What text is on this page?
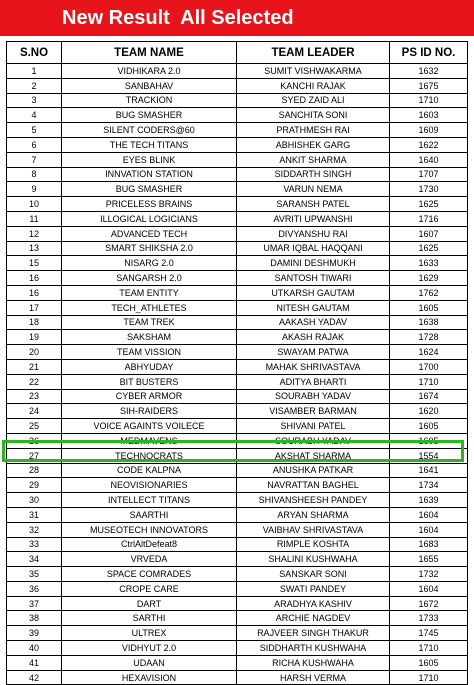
New Result  All Selected
S.NO	TEAM NAME	TEAM LEADER	PS ID NO.
1	VIDHIKARA 2.0	SUMIT VISHWAKARMA	1632
2	SANBAHAV	KANCHI RAJAK	1675
3	TRACKION	SYED ZAID ALI	1710
4	BUG SMASHER	SANCHITA SONI	1603
5	SILENT CODERS@60	PRATHMESH RAI	1609
6	THE TECH TITANS	ABHISHEK GARG	1622
7	EYES BLINK	ANKIT SHARMA	1640
8	INNVATION STATION	SIDDARTH SINGH	1707
9	BUG SMASHER	VARUN NEMA	1730
10	PRICELESS BRAINS	SARANSH PATEL	1625
11	ILLOGICAL LOGICIANS	AVRITI UPWANSHI	1716
12	ADVANCED TECH	DIVYANSHU RAI	1607
13	SMART SHIKSHA 2.0	UMAR IQBAL HAQQANI	1625
15	NISARG 2.0	DAMINI DESHMUKH	1633
16	SANGARSH 2.0	SANTOSH TIWARI	1629
16	TEAM ENTITY	UTKARSH GAUTAM	1762
17	TECH_ATHLETES	NITESH GAUTAM	1605
18	TEAM TREK	AAKASH YADAV	1638
19	SAKSHAM	AKASH RAJAK	1728
20	TEAM VISSION	SWAYAM PATWA	1624
21	ABHYUDAY	MAHAK SHRIVASTAVA	1700
22	BIT BUSTERS	ADITYA BHARTI	1710
23	CYBER ARMOR	SOURABH YADAV	1674
24	SIH-RAIDERS	VISAMBER BARMAN	1620
25	VOICE AGAINTS VOILECE	SHIVANI PATEL	1605
26	MEDMAVENS	SOURABH YADAV	1605
27	TECHNOCRATS	AKSHAT SHARMA	1554
28	CODE KALPNA	ANUSHKA PATKAR	1641
29	NEOVISIONARIES	NAVRATTAN BAGHEL	1734
30	INTELLECT TITANS	SHIVANSHEESH PANDEY	1639
31	SAARTHI	ARYAN SHARMA	1604
32	MUSEOTECH INNOVATORS	VAIBHAV SHRIVASTAVA	1604
33	CtrlAltDefeat8	RIMPLE KOSHTA	1683
34	VRVEDA	SHALINI KUSHWAHA	1655
35	SPACE COMRADES	SANSKAR SONI	1732
36	CROPE CARE	SWATI PANDEY	1604
37	DART	ARADHYA KASHIV	1672
38	SARTHI	ARCHIE NAGDEV	1733
39	ULTREX	RAJVEER SINGH THAKUR	1745
40	VIDHYUT 2.0	SIDDHARTH KUSHWAHA	1710
41	UDAAN	RICHA KUSHWAHA	1605
42	HEXAVISION	HARSH VERMA	1710
